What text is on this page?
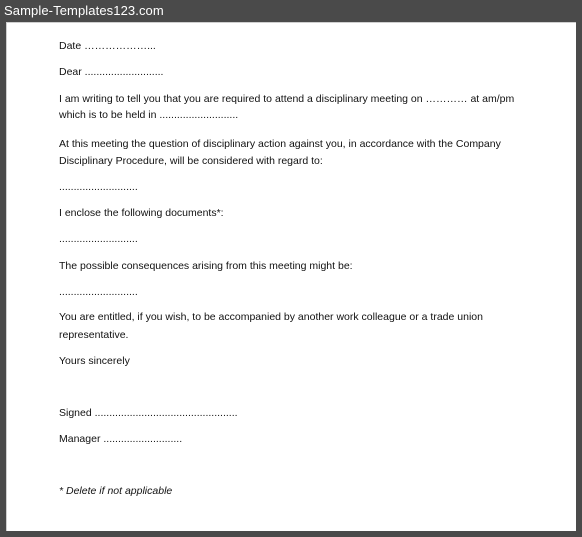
Sample-Templates123.com
Date ………………...
Dear ...........................
I am writing to tell you that you are required to attend a disciplinary meeting on ………… at am/pm
which is to be held in ...........................
At this meeting the question of disciplinary action against you, in accordance with the Company
Disciplinary Procedure, will be considered with regard to:
...........................
I enclose the following documents*:
...........................
The possible consequences arising from this meeting might be:
...........................
You are entitled, if you wish, to be accompanied by another work colleague or a trade union
representative.
Yours sincerely
Signed .................................................
Manager ...........................
* Delete if not applicable
